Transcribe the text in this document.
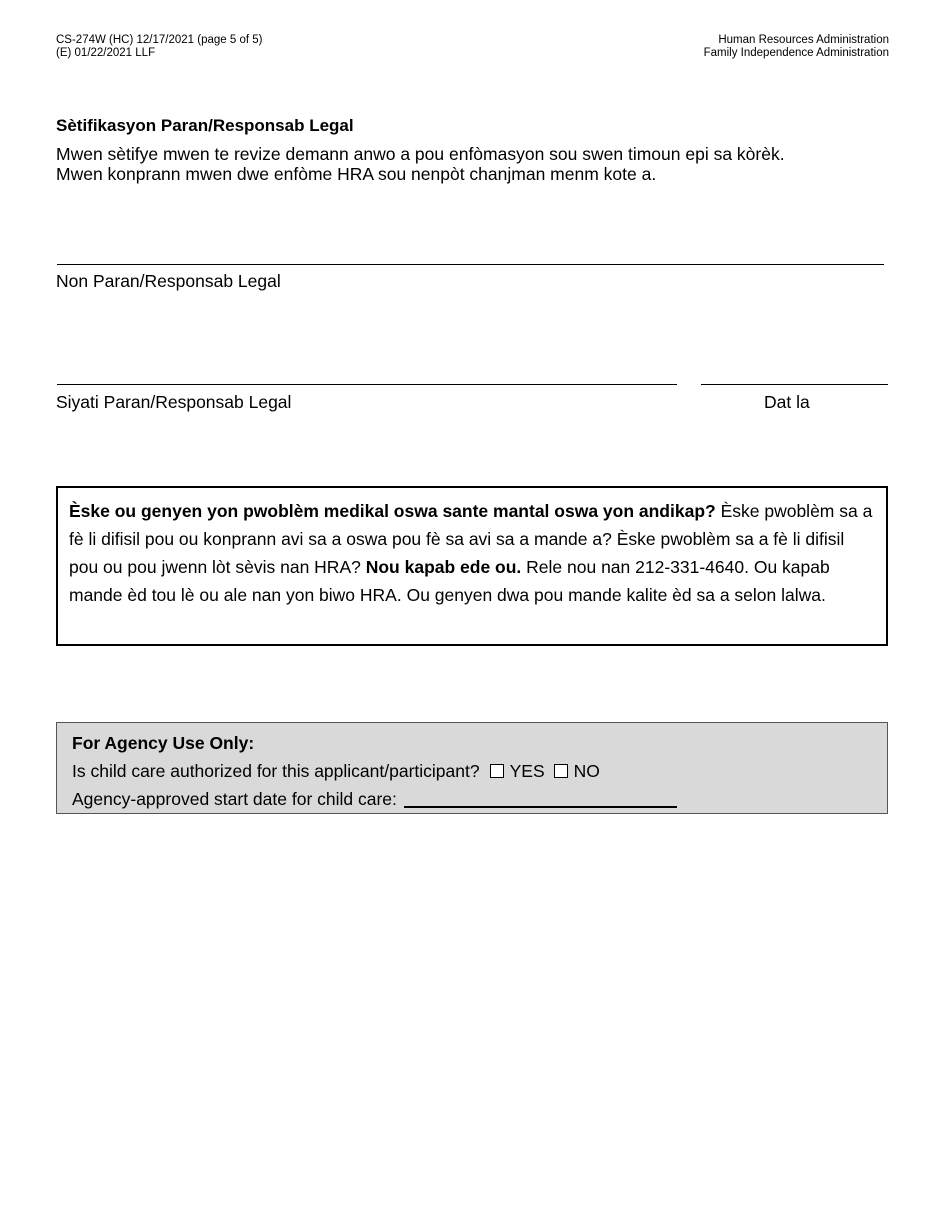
CS-274W (HC) 12/17/2021 (page 5 of 5)
(E) 01/22/2021 LLF
Human Resources Administration
Family Independence Administration
Sètifikasyon Paran/Responsab Legal
Mwen sètifye mwen te revize demann anwo a pou enfòmasyon sou swen timoun epi sa kòrèk.
Mwen konprann mwen dwe enfòme HRA sou nenpòt chanjman menm kote a.
Non Paran/Responsab Legal
Siyati Paran/Responsab Legal	Dat la
Èske ou genyen yon pwoblèm medikal oswa sante mantal oswa yon andikap? Èske pwoblèm sa a fè li difisil pou ou konprann avi sa a oswa pou fè sa avi sa a mande a? Èske pwoblèm sa a fè li difisil pou ou pou jwenn lòt sèvis nan HRA? Nou kapab ede ou. Rele nou nan 212-331-4640. Ou kapab mande èd tou lè ou ale nan yon biwo HRA. Ou genyen dwa pou mande kalite èd sa a selon lalwa.
For Agency Use Only:
Is child care authorized for this applicant/participant? YES NO
Agency-approved start date for child care:
